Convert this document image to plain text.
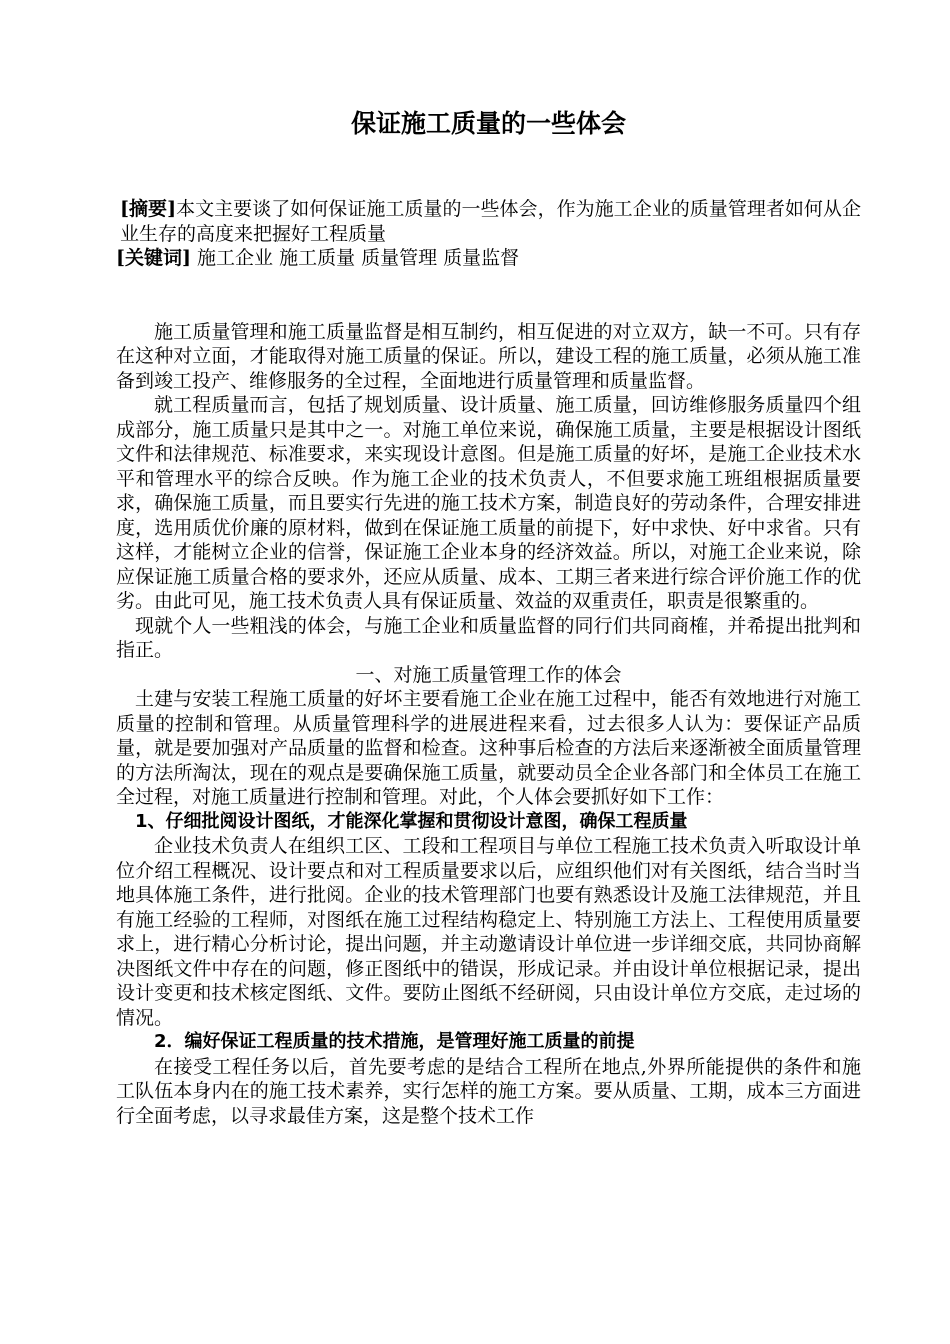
保证施工质量的一些体会

[摘要]本文主要谈了如何保证施工质量的一些体会，作为施工企业的质量管理者如何从企业生存的高度来把握好工程质量

[关键词] 施工企业 施工质量 质量管理 质量监督

施工质量管理和施工质量监督是相互制约，相互促进的对立双方，缺一不可。只有存在这种对立面，才能取得对施工质量的保证。所以，建设工程的施工质量，必须从施工准备到竣工投产、维修服务的全过程，全面地进行质量管理和质量监督。

就工程质量而言，包括了规划质量、设计质量、施工质量，回访维修服务质量四个组成部分，施工质量只是其中之一。对施工单位来说，确保施工质量，主要是根据设计图纸文件和法律规范、标准要求，来实现设计意图。但是施工质量的好坏，是施工企业技术水平和管理水平的综合反映。作为施工企业的技术负责人，不但要求施工班组根据质量要求，确保施工质量，而且要实行先进的施工技术方案，制造良好的劳动条件，合理安排进度，选用质优价廉的原材料，做到在保证施工质量的前提下，好中求快、好中求省。只有这样，才能树立企业的信誉，保证施工企业本身的经济效益。所以，对施工企业来说，除应保证施工质量合格的要求外，还应从质量、成本、工期三者来进行综合评价施工作的优劣。由此可见，施工技术负责人具有保证质量、效益的双重责任，职责是很繁重的。

现就个人一些粗浅的体会，与施工企业和质量监督的同行们共同商榷，并希提出批判和指正。

一、对施工质量管理工作的体会

土建与安装工程施工质量的好坏主要看施工企业在施工过程中，能否有效地进行对施工质量的控制和管理。从质量管理科学的进展进程来看，过去很多人认为：要保证产品质量，就是要加强对产品质量的监督和检查。这种事后检查的方法后来逐渐被全面质量管理的方法所淘汰，现在的观点是要确保施工质量，就要动员全企业各部门和全体员工在施工全过程，对施工质量进行控制和管理。对此，个人体会要抓好如下工作：

1、仔细批阅设计图纸，才能深化掌握和贯彻设计意图，确保工程质量

企业技术负责人在组织工区、工段和工程项目与单位工程施工技术负责入听取设计单位介绍工程概况、设计要点和对工程质量要求以后，应组织他们对有关图纸，结合当时当地具体施工条件，进行批阅。企业的技术管理部门也要有熟悉设计及施工法律规范，并且有施工经验的工程师，对图纸在施工过程结构稳定上、特别施工方法上、工程使用质量要求上，进行精心分析讨论，提出问题，并主动邀请设计单位进一步详细交底，共同协商解决图纸文件中存在的问题，修正图纸中的错误，形成记录。并由设计单位根据记录，提出设计变更和技术核定图纸、文件。要防止图纸不经研阅，只由设计单位方交底，走过场的情况。

2．编好保证工程质量的技术措施，是管理好施工质量的前提

在接受工程任务以后，首先要考虑的是结合工程所在地点,外界所能提供的条件和施工队伍本身内在的施工技术素养，实行怎样的施工方案。要从质量、工期，成本三方面进行全面考虑，以寻求最佳方案，这是整个技术工作
